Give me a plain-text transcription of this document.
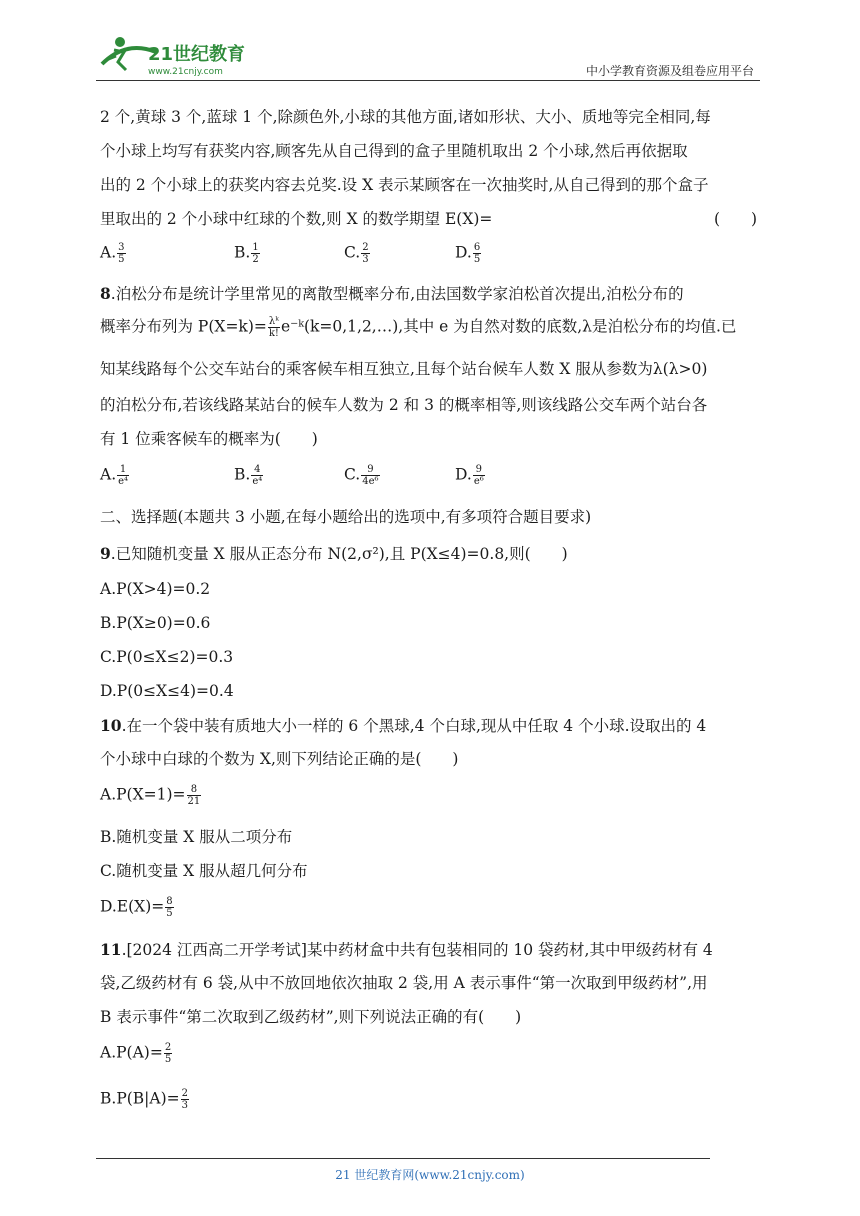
21世纪教育
www.21cnjy.com	中小学教育资源及组卷应用平台
2 个,黄球 3 个,蓝球 1 个,除颜色外,小球的其他方面,诸如形状、大小、质地等完全相同,每
个小球上均写有获奖内容,顾客先从自己得到的盒子里随机取出 2 个小球,然后再依据取
出的 2 个小球上的获奖内容去兑奖.设 X 表示某顾客在一次抽奖时,从自己得到的那个盒子
里取出的 2 个小球中红球的个数,则 X 的数学期望 E(X)=	(　　)
A. $\frac{3}{5}$	B. $\frac{1}{2}$	C. $\frac{2}{3}$	D. $\frac{6}{5}$
8.泊松分布是统计学里常见的离散型概率分布,由法国数学家泊松首次提出,泊松分布的
概率分布列为 $P(X=k)= \frac{\text{λᵏ}}{k!}$ e⁻ᵏ(k=0,1,2,…),其中 e 为自然对数的底数,λ是泊松分布的均值.已
知某线路每个公交车站台的乘客候车相互独立,且每个站台候车人数 X 服从参数为λ(λ>0)
的泊松分布,若该线路某站台的候车人数为 2 和 3 的概率相等,则该线路公交车两个站台各
有 1 位乘客候车的概率为(　　)
A. $\frac{1}{\text{e⁴}}$	B. $\frac{4}{\text{e⁴}}$	C. $\frac{9}{\text{4e⁶}}$	D. $\frac{9}{\text{e⁶}}$
二、选择题(本题共 3 小题,在每小题给出的选项中,有多项符合题目要求)
9.已知随机变量 X 服从正态分布 N(2,σ²),且 P(X≤4)=0.8,则(　　)
A.P(X>4)=0.2
B.P(X≥0)=0.6
C.P(0≤X≤2)=0.3
D.P(0≤X≤4)=0.4
10.在一个袋中装有质地大小一样的 6 个黑球,4 个白球,现从中任取 4 个小球.设取出的 4
个小球中白球的个数为 X,则下列结论正确的是(　　)
$A.P(X=1)= \frac{8}{21}$
B.随机变量 X 服从二项分布
C.随机变量 X 服从超几何分布
$D.E(X)= \frac{8}{5}$
11.[2024 江西高二开学考试]某中药材盒中共有包装相同的 10 袋药材,其中甲级药材有 4
袋,乙级药材有 6 袋,从中不放回地依次抽取 2 袋,用 A 表示事件“第一次取到甲级药材”,用
B 表示事件“第二次取到乙级药材”,则下列说法正确的有(　　)
$A.P(A)= \frac{2}{5}$
$B.P(B|A)= \frac{2}{3}$
21 世纪教育网(www.21cnjy.com)
